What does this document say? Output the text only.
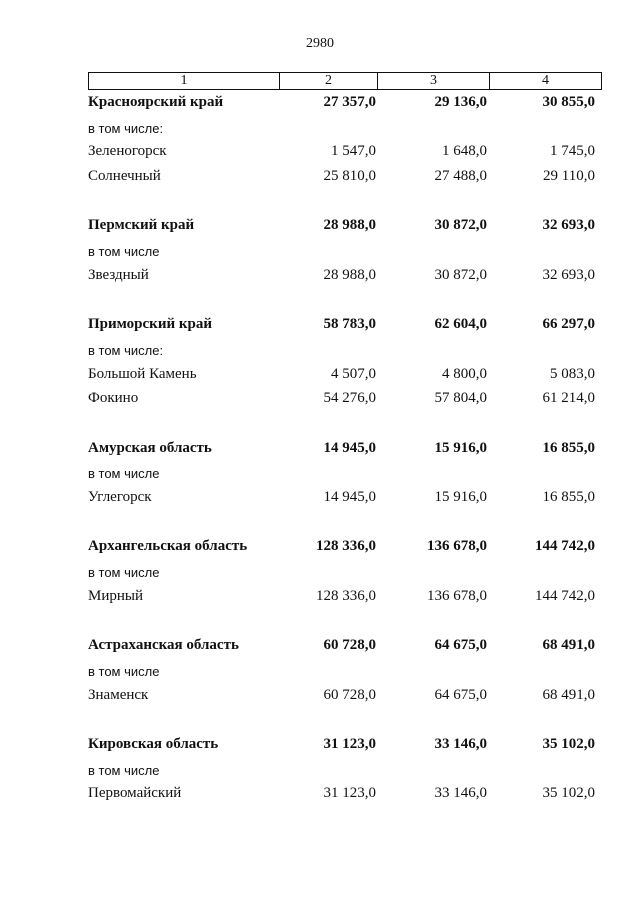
2980
1	2	3	4
Красноярский край	27 357,0	29 136,0	30 855,0
в том числе:
Зеленогорск	1 547,0	1 648,0	1 745,0
Солнечный	25 810,0	27 488,0	29 110,0
Пермский край	28 988,0	30 872,0	32 693,0
в том числе
Звездный	28 988,0	30 872,0	32 693,0
Приморский край	58 783,0	62 604,0	66 297,0
в том числе:
Большой Камень	4 507,0	4 800,0	5 083,0
Фокино	54 276,0	57 804,0	61 214,0
Амурская область	14 945,0	15 916,0	16 855,0
в том числе
Углегорск	14 945,0	15 916,0	16 855,0
Архангельская область	128 336,0	136 678,0	144 742,0
в том числе
Мирный	128 336,0	136 678,0	144 742,0
Астраханская область	60 728,0	64 675,0	68 491,0
в том числе
Знаменск	60 728,0	64 675,0	68 491,0
Кировская область	31 123,0	33 146,0	35 102,0
в том числе
Первомайский	31 123,0	33 146,0	35 102,0
